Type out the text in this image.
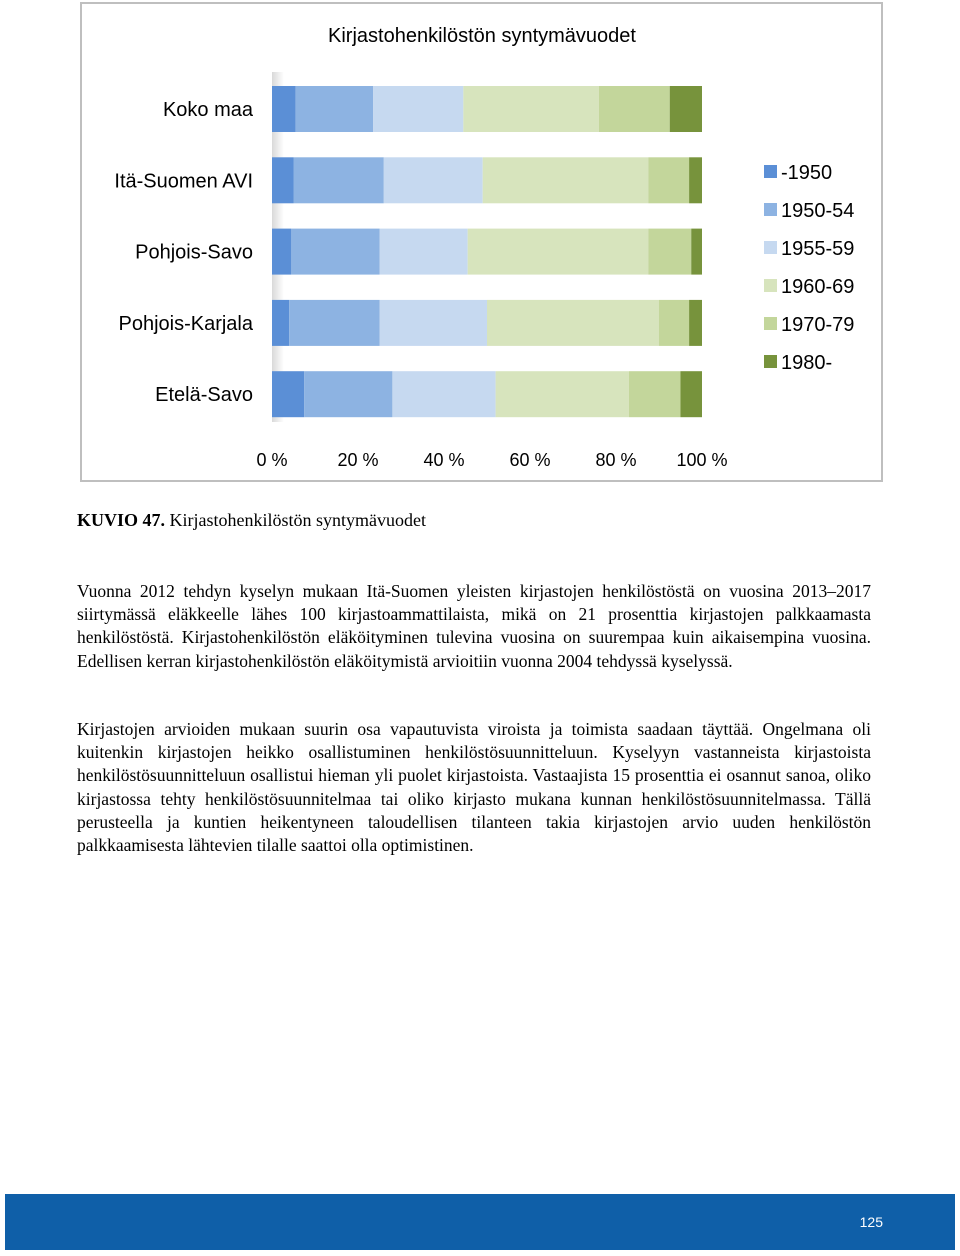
Kirjastohenkilöstön syntymävuodet
Koko maa
Itä-Suomen AVI
Pohjois-Savo
Pohjois-Karjala
Etelä-Savo
0 %	20 % 40 % 60 % 80 % 100 %
-1950
1950-54
1955-59
1960-69
1970-79
1980-
KUVIO 47. Kirjastohenkilöstön syntymävuodet

Vuonna 2012 tehdyn kyselyn mukaan Itä-Suomen yleisten kirjastojen henkilöstöstä on vuosina 2013–2017 siirtymässä eläkkeelle lähes 100 kirjastoammattilaista, mikä on 21 prosenttia kirjastojen palkkaamasta henkilöstöstä. Kirjastohenkilöstön eläköityminen tulevina vuosina on suurempaa kuin aikaisempina vuosina. Edellisen kerran kirjastohenkilöstön eläköitymistä arvioitiin vuonna 2004 tehdyssä kyselyssä.

Kirjastojen arvioiden mukaan suurin osa vapautuvista viroista ja toimista saadaan täyttää. Ongelmana oli kuitenkin kirjastojen heikko osallistuminen henkilöstösuunnitteluun. Kyselyyn vastanneista kirjastoista henkilöstösuunnitteluun osallistui hieman yli puolet kirjastoista. Vastaajista 15 prosenttia ei osannut sanoa, oliko kirjastossa tehty henkilöstösuunnitelmaa tai oliko kirjasto mukana kunnan henkilöstösuunnitelmassa. Tällä perusteella ja kuntien heikentyneen taloudellisen tilanteen takia kirjastojen arvio uuden henkilöstön palkkaamisesta lähtevien tilalle saattoi olla optimistinen.

125
